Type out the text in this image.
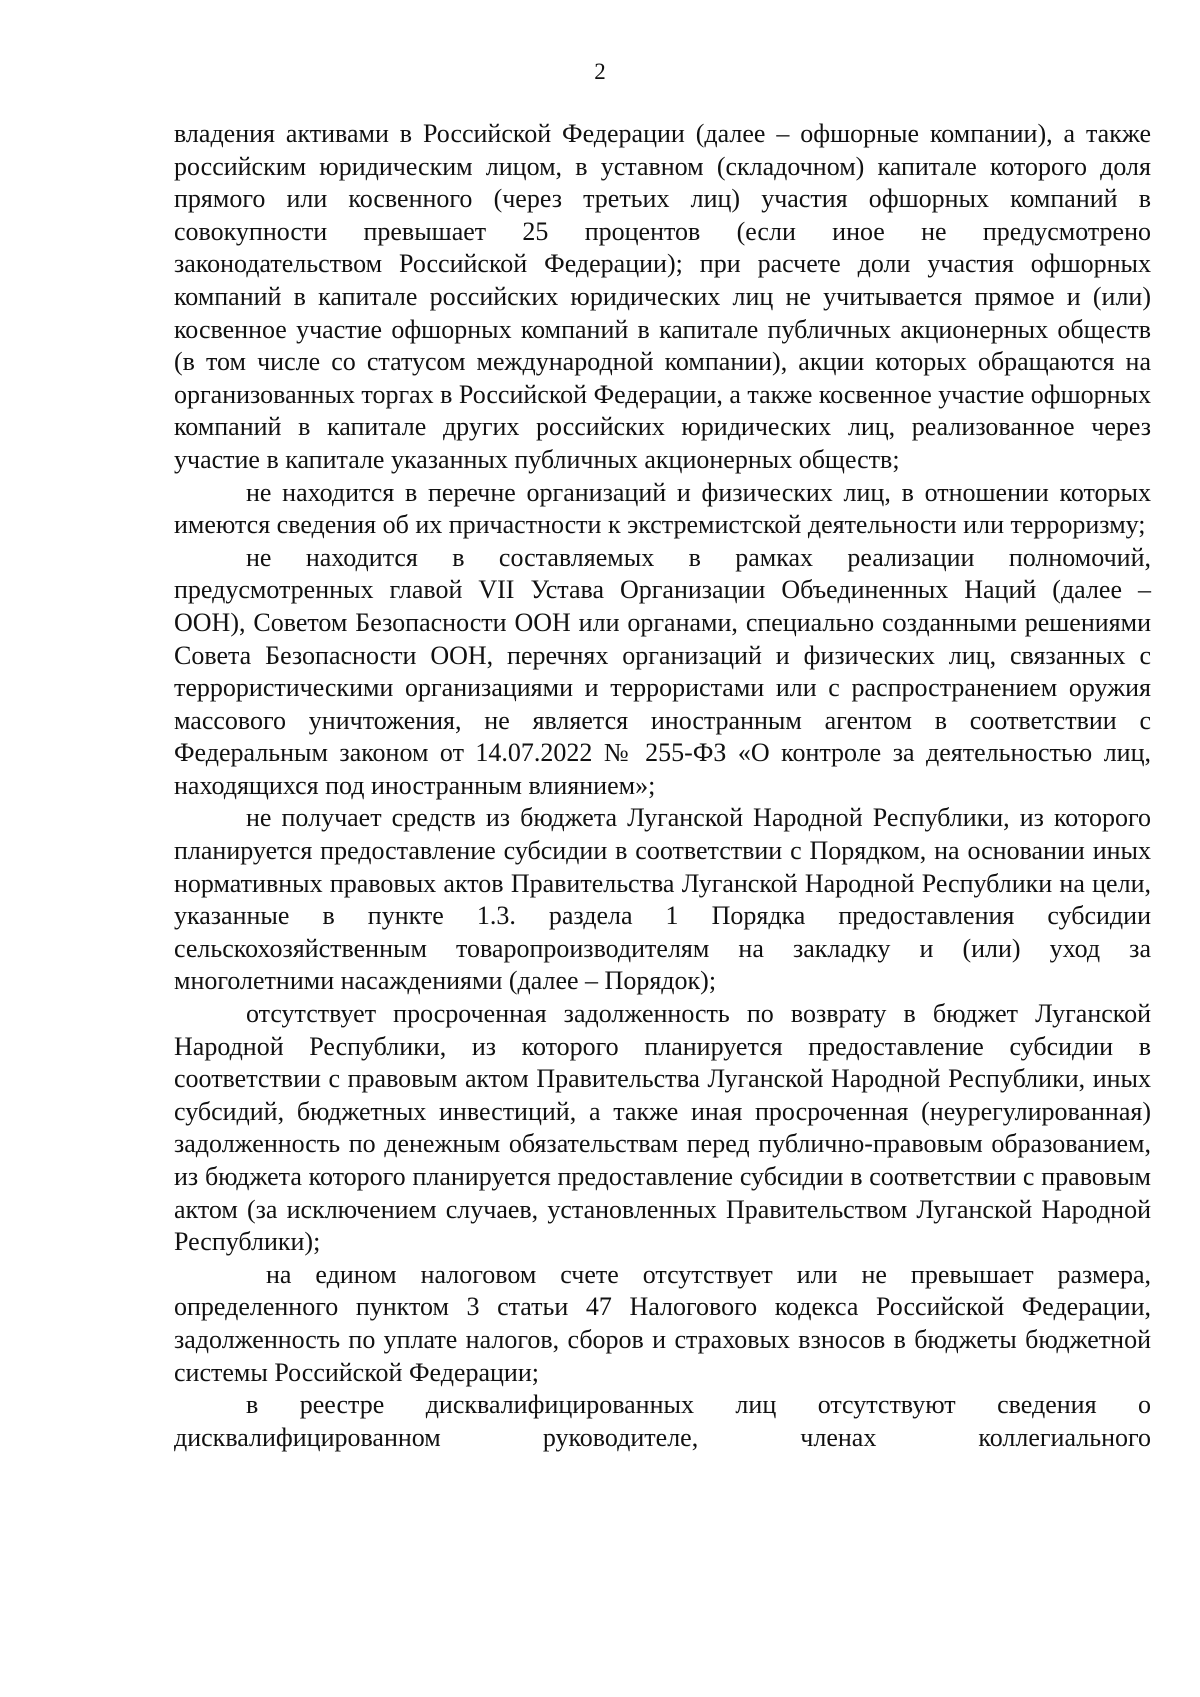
2

владения активами в Российской Федерации (далее – офшорные компании), а также российским юридическим лицом, в уставном (складочном) капитале которого доля прямого или косвенного (через третьих лиц) участия офшорных компаний в совокупности превышает 25 процентов (если иное не предусмотрено законодательством Российской Федерации); при расчете доли участия офшорных компаний в капитале российских юридических лиц не учитывается прямое и (или) косвенное участие офшорных компаний в капитале публичных акционерных обществ (в том числе со статусом международной компании), акции которых обращаются на организованных торгах в Российской Федерации, а также косвенное участие офшорных компаний в капитале других российских юридических лиц, реализованное через участие в капитале указанных публичных акционерных обществ;

не находится в перечне организаций и физических лиц, в отношении которых имеются сведения об их причастности к экстремистской деятельности или терроризму;

не находится в составляемых в рамках реализации полномочий, предусмотренных главой VII Устава Организации Объединенных Наций (далее – ООН), Советом Безопасности ООН или органами, специально созданными решениями Совета Безопасности ООН, перечнях организаций и физических лиц, связанных с террористическими организациями и террористами или с распространением оружия массового уничтожения, не является иностранным агентом в соответствии с Федеральным законом от 14.07.2022 № 255-ФЗ «О контроле за деятельностью лиц, находящихся под иностранным влиянием»;

не получает средств из бюджета Луганской Народной Республики, из которого планируется предоставление субсидии в соответствии с Порядком, на основании иных нормативных правовых актов Правительства Луганской Народной Республики на цели, указанные в пункте 1.3. раздела 1 Порядка предоставления субсидии сельскохозяйственным товаропроизводителям на закладку и (или) уход за многолетними насаждениями (далее – Порядок);

отсутствует просроченная задолженность по возврату в бюджет Луганской Народной Республики, из которого планируется предоставление субсидии в соответствии с правовым актом Правительства Луганской Народной Республики, иных субсидий, бюджетных инвестиций, а также иная просроченная (неурегулированная) задолженность по денежным обязательствам перед публично-правовым образованием, из бюджета которого планируется предоставление субсидии в соответствии с правовым актом (за исключением случаев, установленных Правительством Луганской Народной Республики);

на едином налоговом счете отсутствует или не превышает размера, определенного пунктом 3 статьи 47 Налогового кодекса Российской Федерации, задолженность по уплате налогов, сборов и страховых взносов в бюджеты бюджетной системы Российской Федерации;

в реестре дисквалифицированных лиц отсутствуют сведения о дисквалифицированном руководителе, членах коллегиального
